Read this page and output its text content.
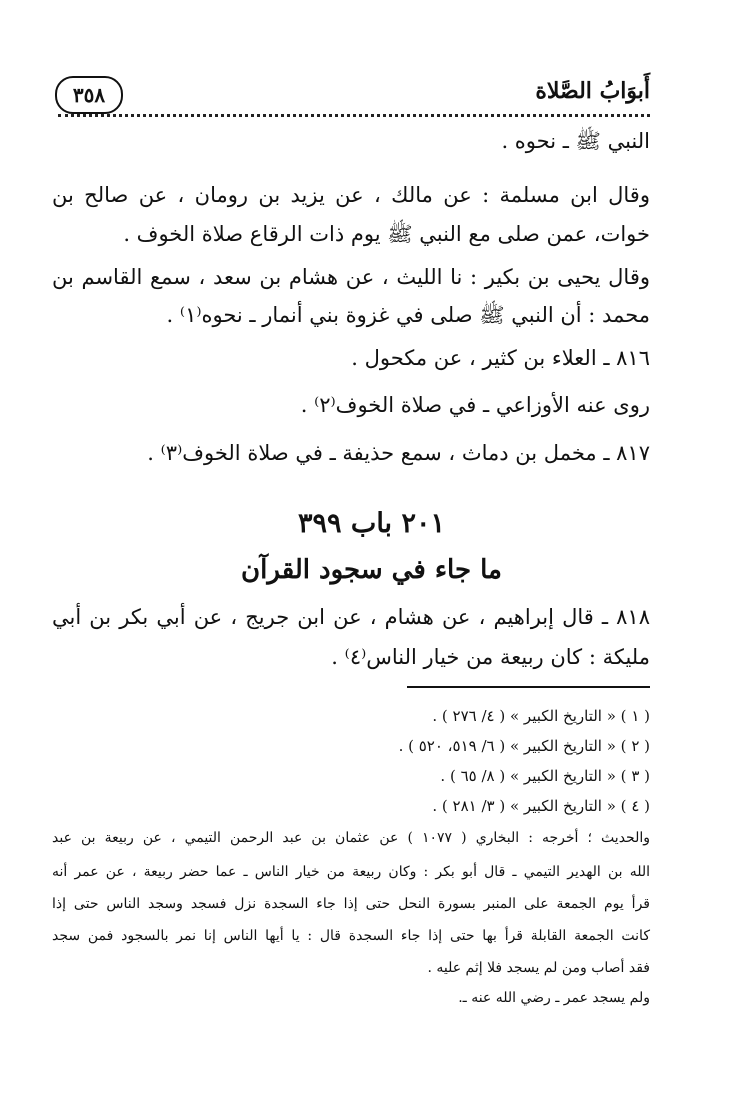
٣٥٨	أَبوَابُ الصَّلاة
النبي ﷺ ـ نحوه .
وقال ابن مسلمة : عن مالك ، عن يزيد بن رومان ، عن صالح بن
خوات، عمن صلى مع النبي ﷺ يوم ذات الرقاع صلاة الخوف .
وقال يحيى بن بكير : نا الليث ، عن هشام بن سعد ، سمع القاسم بن
محمد : أن النبي ﷺ صلى في غزوة بني أنمار ـ نحوه⁽١⁾ .
٨١٦ ـ العلاء بن كثير ، عن مكحول .
روى عنه الأوزاعي ـ في صلاة الخوف⁽٢⁾ .
٨١٧ ـ مخمل بن دماث ، سمع حذيفة ـ في صلاة الخوف⁽٣⁾ .
٢٠١ باب ٣٩٩
ما جاء في سجود القرآن
٨١٨ ـ قال إبراهيم ، عن هشام ، عن ابن جريج ، عن أبي بكر بن أبي
مليكة : كان ربيعة من خيار الناس⁽٤⁾ .
( ١ ) « التاريخ الكبير » ( ٤/ ٢٧٦ ) .
( ٢ ) « التاريخ الكبير » ( ٦/ ٥١٩، ٥٢٠ ) .
( ٣ ) « التاريخ الكبير » ( ٨/ ٦٥ ) .
( ٤ ) « التاريخ الكبير » ( ٣/ ٢٨١ ) .
والحديث ؛ أخرجه : البخاري ( ١٠٧٧ ) عن عثمان بن عبد الرحمن التيمي ، عن ربيعة بن عبد
الله بن الهدير التيمي ـ قال أبو بكر : وكان ربيعة من خيار الناس ـ عما حضر ربيعة ، عن عمر أنه
قرأ يوم الجمعة على المنبر بسورة النحل حتى إذا جاء السجدة نزل فسجد وسجد الناس حتى إذا
كانت الجمعة القابلة قرأ بها حتى إذا جاء السجدة قال : يا أيها الناس إنا نمر بالسجود فمن سجد
فقد أصاب ومن لم يسجد فلا إثم عليه .
ولم يسجد عمر ـ رضي الله عنه ـ.
